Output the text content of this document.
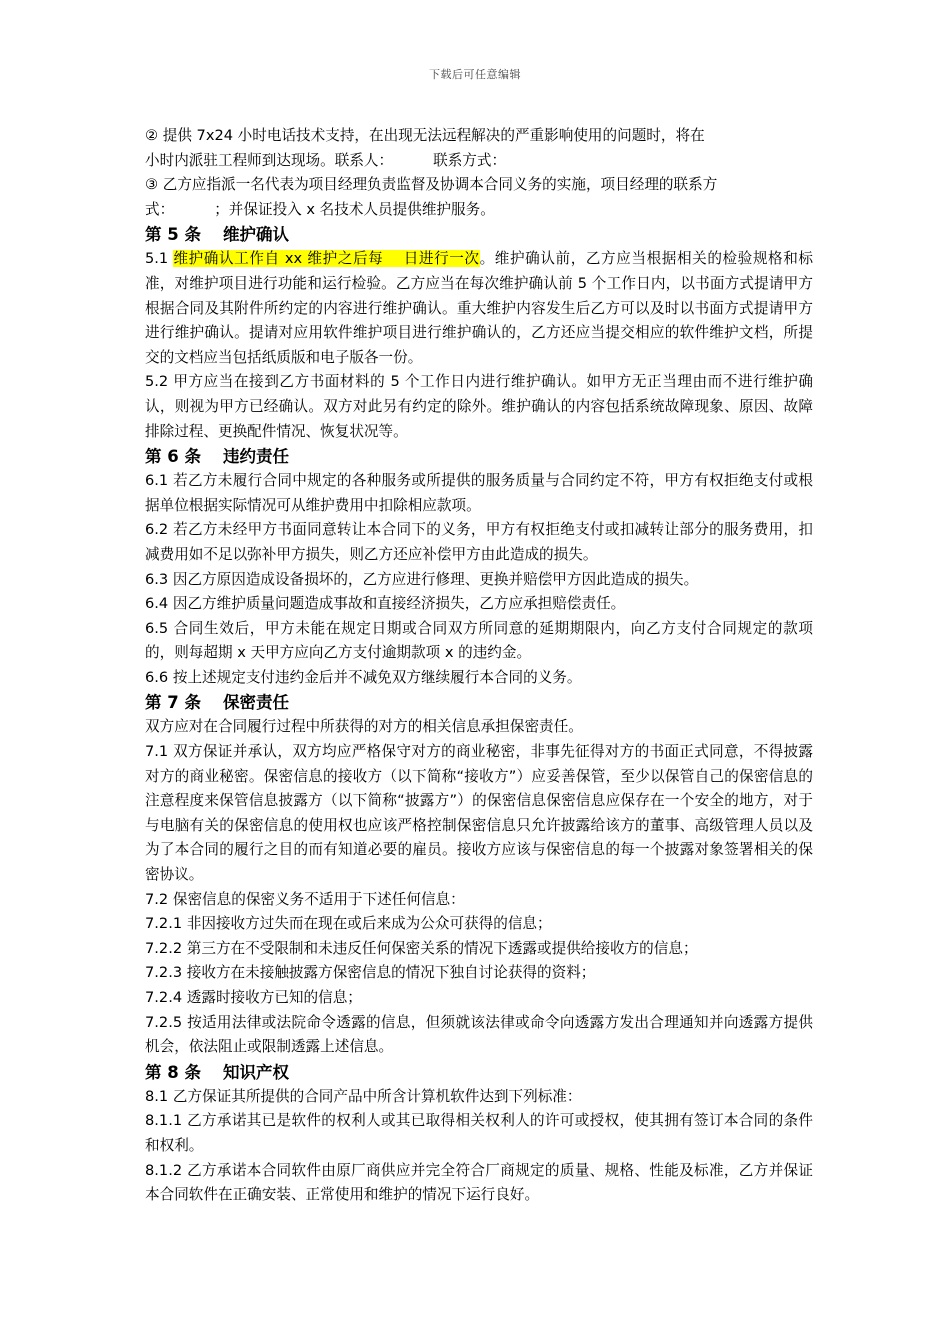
下载后可任意编辑

② 提供 7x24 小时电话技术支持，在出现无法远程解决的严重影响使用的问题时，将在

小时内派驻工程师到达现场。联系人：	联系方式：

③ 乙方应指派一名代表为项目经理负责监督及协调本合同义务的实施，项目经理的联系方

式：	；并保证投入 x 名技术人员提供维护服务。

第 5 条 维护确认

5.1 维护确认工作自 xx 维护之后每　 日进行一次。维护确认前，乙方应当根据相关的检验规格和标准，对维护项目进行功能和运行检验。乙方应当在每次维护确认前 5 个工作日内，以书面方式提请甲方根据合同及其附件所约定的内容进行维护确认。重大维护内容发生后乙方可以及时以书面方式提请甲方进行维护确认。提请对应用软件维护项目进行维护确认的，乙方还应当提交相应的软件维护文档，所提交的文档应当包括纸质版和电子版各一份。

5.2 甲方应当在接到乙方书面材料的 5 个工作日内进行维护确认。如甲方无正当理由而不进行维护确认，则视为甲方已经确认。双方对此另有约定的除外。维护确认的内容包括系统故障现象、原因、故障排除过程、更换配件情况、恢复状况等。

第 6 条 违约责任

6.1 若乙方未履行合同中规定的各种服务或所提供的服务质量与合同约定不符，甲方有权拒绝支付或根据单位根据实际情况可从维护费用中扣除相应款项。

6.2 若乙方未经甲方书面同意转让本合同下的义务，甲方有权拒绝支付或扣减转让部分的服务费用，扣减费用如不足以弥补甲方损失，则乙方还应补偿甲方由此造成的损失。

6.3 因乙方原因造成设备损坏的，乙方应进行修理、更换并赔偿甲方因此造成的损失。

6.4 因乙方维护质量问题造成事故和直接经济损失，乙方应承担赔偿责任。

6.5 合同生效后，甲方未能在规定日期或合同双方所同意的延期期限内，向乙方支付合同规定的款项的，则每超期 x 天甲方应向乙方支付逾期款项 x 的违约金。

6.6 按上述规定支付违约金后并不减免双方继续履行本合同的义务。

第 7 条 保密责任

双方应对在合同履行过程中所获得的对方的相关信息承担保密责任。

7.1 双方保证并承认，双方均应严格保守对方的商业秘密，非事先征得对方的书面正式同意，不得披露对方的商业秘密。保密信息的接收方（以下简称“接收方”）应妥善保管，至少以保管自己的保密信息的注意程度来保管信息披露方（以下简称“披露方”）的保密信息保密信息应保存在一个安全的地方，对于与电脑有关的保密信息的使用权也应该严格控制保密信息只允许披露给该方的董事、高级管理人员以及为了本合同的履行之目的而有知道必要的雇员。接收方应该与保密信息的每一个披露对象签署相关的保密协议。

7.2 保密信息的保密义务不适用于下述任何信息：

7.2.1 非因接收方过失而在现在或后来成为公众可获得的信息；

7.2.2 第三方在不受限制和未违反任何保密关系的情况下透露或提供给接收方的信息；

7.2.3 接收方在未接触披露方保密信息的情况下独自讨论获得的资料；

7.2.4 透露时接收方已知的信息；

7.2.5 按适用法律或法院命令透露的信息，但须就该法律或命令向透露方发出合理通知并向透露方提供机会，依法阻止或限制透露上述信息。

第 8 条 知识产权

8.1 乙方保证其所提供的合同产品中所含计算机软件达到下列标准：

8.1.1 乙方承诺其已是软件的权利人或其已取得相关权利人的许可或授权，使其拥有签订本合同的条件和权利。

8.1.2 乙方承诺本合同软件由原厂商供应并完全符合厂商规定的质量、规格、性能及标准，乙方并保证本合同软件在正确安装、正常使用和维护的情况下运行良好。
